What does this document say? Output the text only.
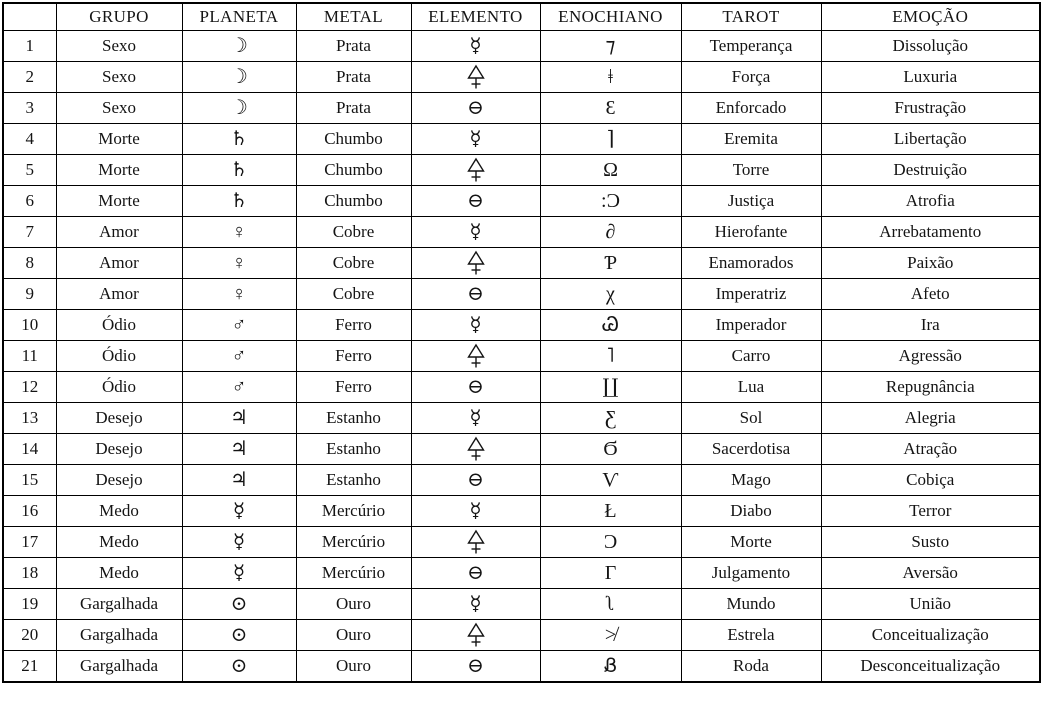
	GRUPO	PLANETA	METAL	ELEMENTO	ENOCHIANO	TAROT	EMOÇÃO
1	Sexo	☽	Prata	☿	⁊	Temperança	Dissolução
2	Sexo	☽	Prata		ǂ	Força	Luxuria
3	Sexo	☽	Prata	⊖	Ɛ	Enforcado	Frustração
4	Morte	♄	Chumbo	☿	⌉	Eremita	Libertação
5	Morte	♄	Chumbo		Ω	Torre	Destruição
6	Morte	♄	Chumbo	⊖	:Ɔ	Justiça	Atrofia
7	Amor	♀	Cobre	☿	∂	Hierofante	Arrebatamento
8	Amor	♀	Cobre		Ƥ	Enamorados	Paixão
9	Amor	♀	Cobre	⊖	χ	Imperatriz	Afeto
10	Ódio	♂	Ferro	☿	Ꮚ	Imperador	Ira
11	Ódio	♂	Ferro		˥	Carro	Agressão
12	Ódio	♂	Ferro	⊖	∐	Lua	Repugnância
13	Desejo	♃	Estanho	☿	Ƹ	Sol	Alegria
14	Desejo	♃	Estanho		Ϭ	Sacerdotisa	Atração
15	Desejo	♃	Estanho	⊖	Ѵ	Mago	Cobiça
16	Medo	☿	Mercúrio	☿	Ł	Diabo	Terror
17	Medo	☿	Mercúrio		Ɔ	Morte	Susto
18	Medo	☿	Mercúrio	⊖	Γ	Julgamento	Aversão
19	Gargalhada	⊙	Ouro	☿	ʅ	Mundo	União
20	Gargalhada	⊙	Ouro		≯	Estrela	Conceitualização
21	Gargalhada	⊙	Ouro	⊖	Ᏸ	Roda	Desconceitualização
